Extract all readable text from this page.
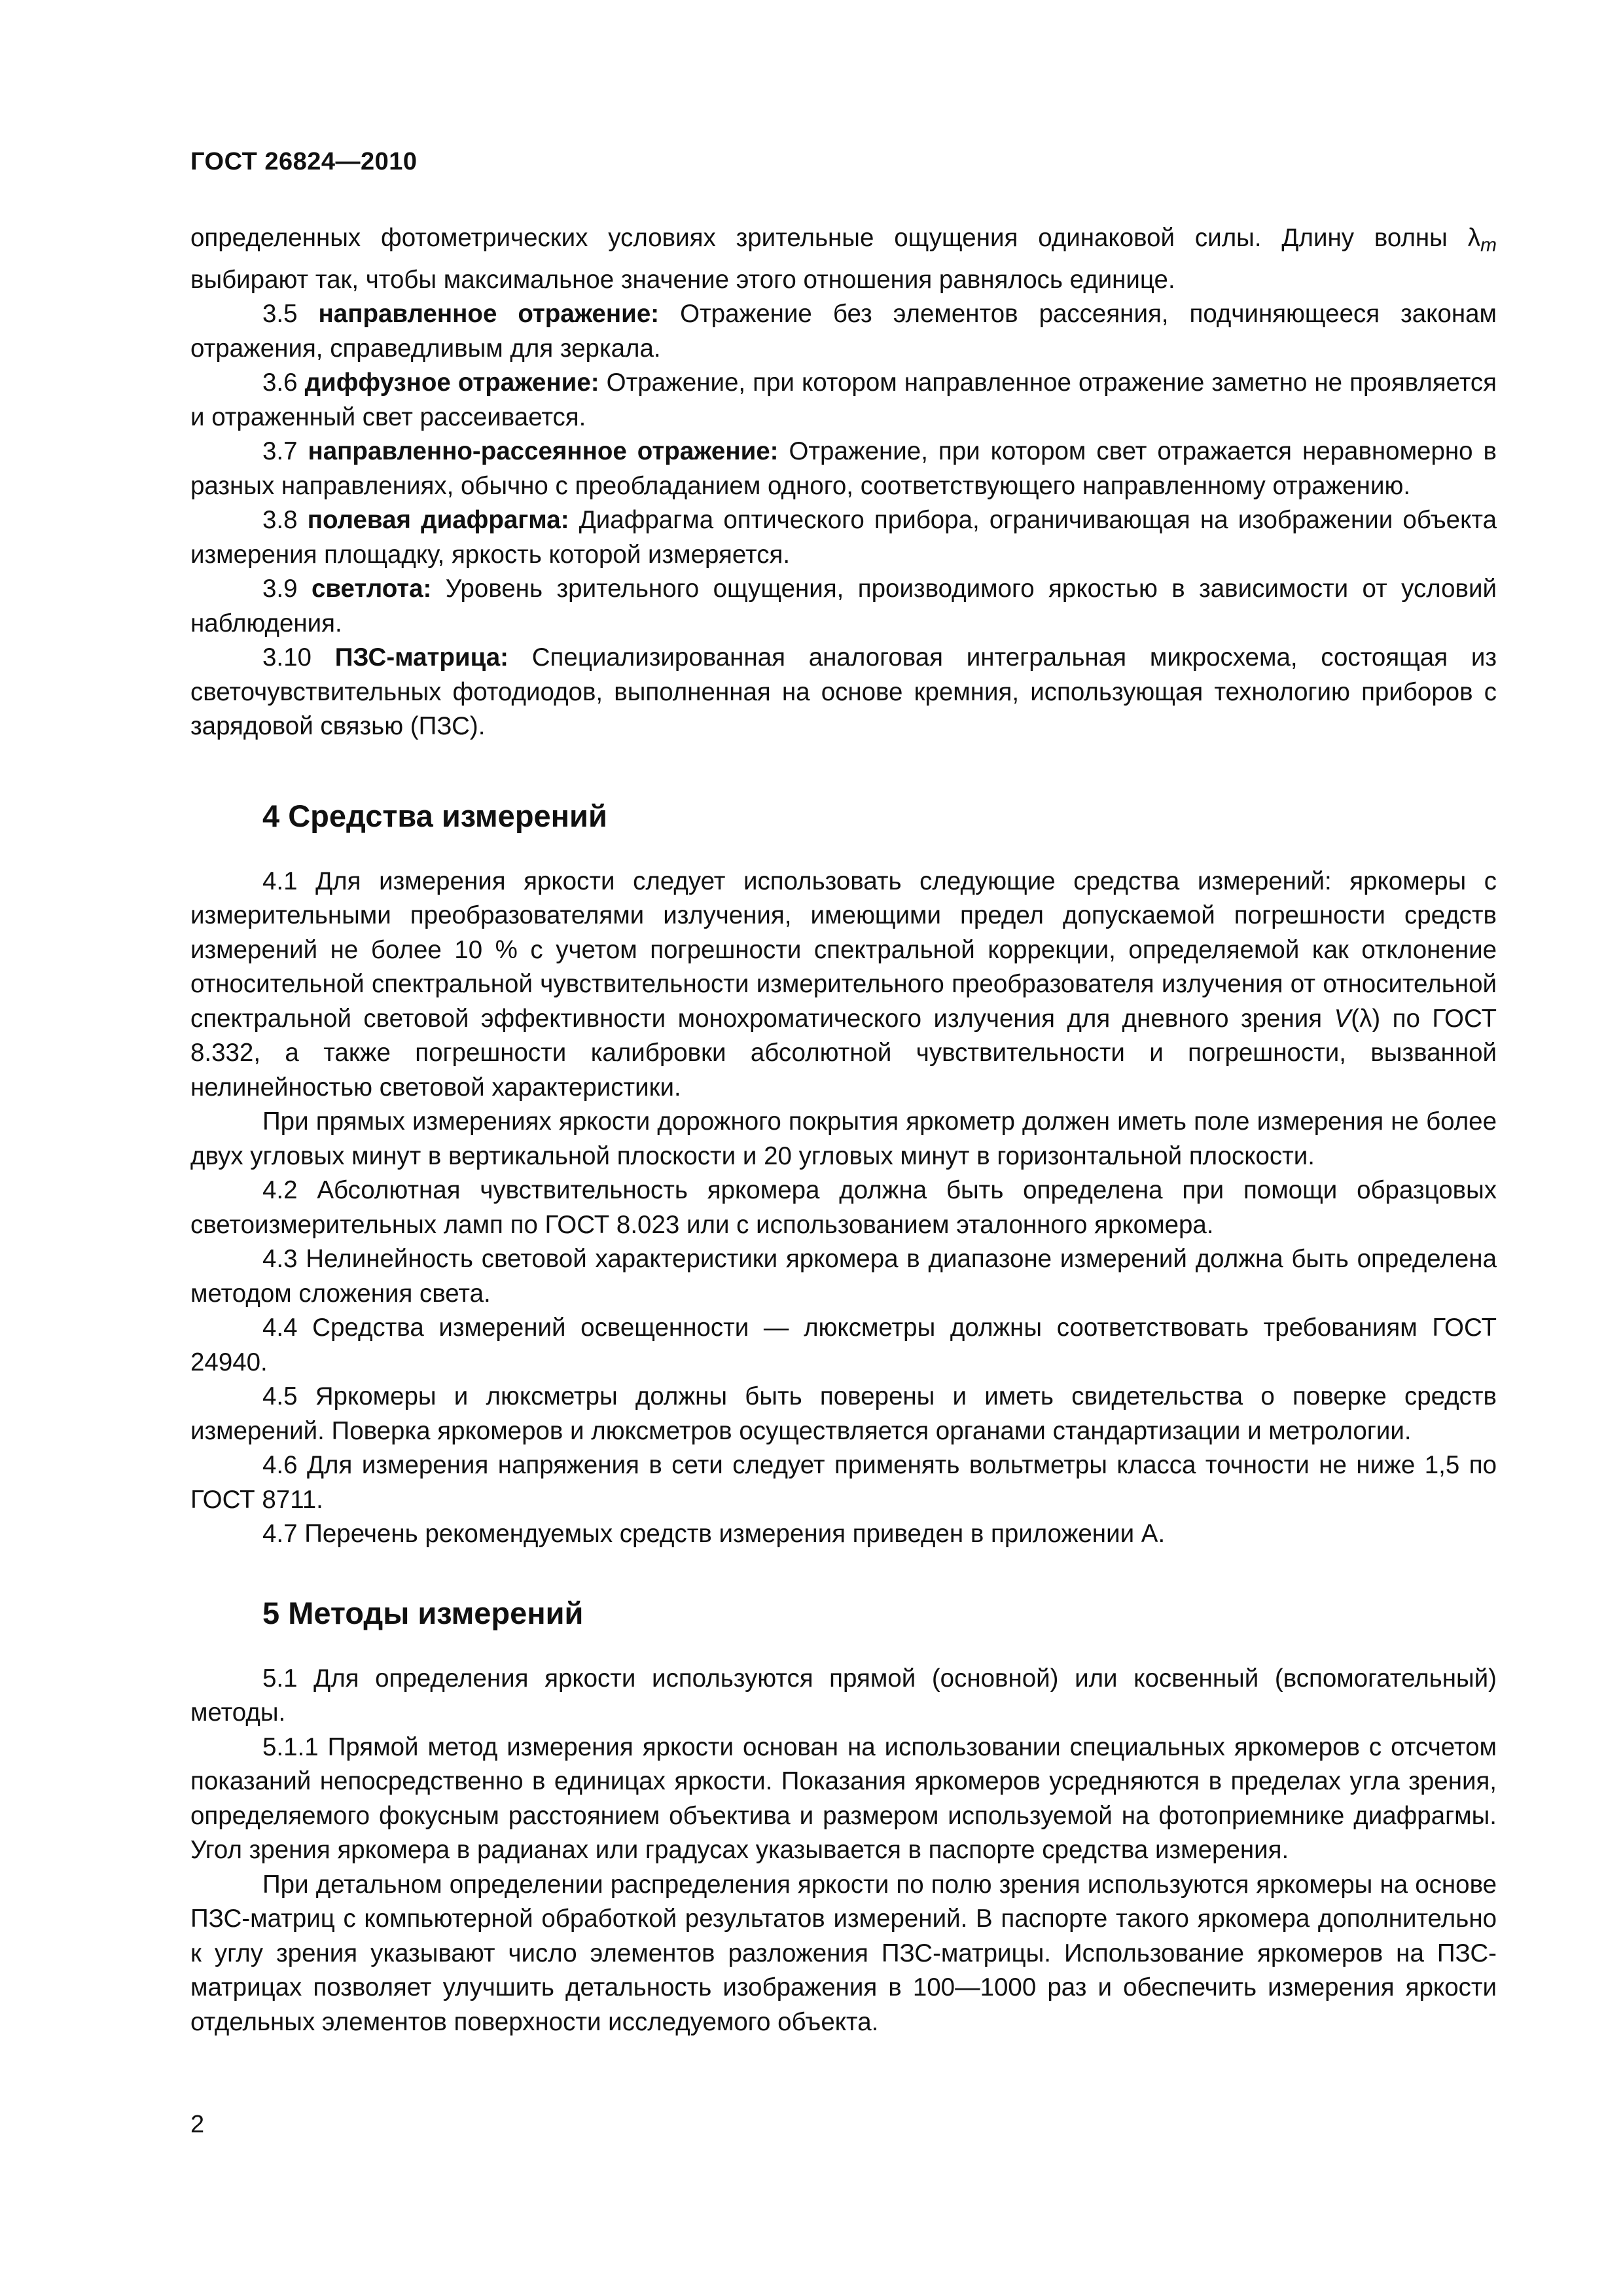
ГОСТ 26824—2010

определенных фотометрических условиях зрительные ощущения одинаковой силы. Длину волны $\lambda_m$ выбирают так, чтобы максимальное значение этого отношения равнялось единице.

3.5 направленное отражение: Отражение без элементов рассеяния, подчиняющееся законам отражения, справедливым для зеркала.

3.6 диффузное отражение: Отражение, при котором направленное отражение заметно не проявляется и отраженный свет рассеивается.

3.7 направленно-рассеянное отражение: Отражение, при котором свет отражается неравномерно в разных направлениях, обычно с преобладанием одного, соответствующего направленному отражению.

3.8 полевая диафрагма: Диафрагма оптического прибора, ограничивающая на изображении объекта измерения площадку, яркость которой измеряется.

3.9 светлота: Уровень зрительного ощущения, производимого яркостью в зависимости от условий наблюдения.

3.10 ПЗС-матрица: Специализированная аналоговая интегральная микросхема, состоящая из светочувствительных фотодиодов, выполненная на основе кремния, использующая технологию приборов с зарядовой связью (ПЗС).

4 Средства измерений

4.1 Для измерения яркости следует использовать следующие средства измерений: яркомеры с измерительными преобразователями излучения, имеющими предел допускаемой погрешности средств измерений не более 10 % с учетом погрешности спектральной коррекции, определяемой как отклонение относительной спектральной чувствительности измерительного преобразователя излучения от относительной спектральной световой эффективности монохроматического излучения для дневного зрения V(λ) по ГОСТ 8.332, а также погрешности калибровки абсолютной чувствительности и погрешности, вызванной нелинейностью световой характеристики.

При прямых измерениях яркости дорожного покрытия яркометр должен иметь поле измерения не более двух угловых минут в вертикальной плоскости и 20 угловых минут в горизонтальной плоскости.

4.2 Абсолютная чувствительность яркомера должна быть определена при помощи образцовых светоизмерительных ламп по ГОСТ 8.023 или с использованием эталонного яркомера.

4.3 Нелинейность световой характеристики яркомера в диапазоне измерений должна быть определена методом сложения света.

4.4 Средства измерений освещенности — люксметры должны соответствовать требованиям ГОСТ 24940.

4.5 Яркомеры и люксметры должны быть поверены и иметь свидетельства о поверке средств измерений. Поверка яркомеров и люксметров осуществляется органами стандартизации и метрологии.

4.6 Для измерения напряжения в сети следует применять вольтметры класса точности не ниже 1,5 по ГОСТ 8711.

4.7 Перечень рекомендуемых средств измерения приведен в приложении А.

5 Методы измерений

5.1 Для определения яркости используются прямой (основной) или косвенный (вспомогательный) методы.

5.1.1 Прямой метод измерения яркости основан на использовании специальных яркомеров с отсчетом показаний непосредственно в единицах яркости. Показания яркомеров усредняются в пределах угла зрения, определяемого фокусным расстоянием объектива и размером используемой на фотоприемнике диафрагмы. Угол зрения яркомера в радианах или градусах указывается в паспорте средства измерения.

При детальном определении распределения яркости по полю зрения используются яркомеры на основе ПЗС-матриц с компьютерной обработкой результатов измерений. В паспорте такого яркомера дополнительно к углу зрения указывают число элементов разложения ПЗС-матрицы. Использование яркомеров на ПЗС-матрицах позволяет улучшить детальность изображения в 100—1000 раз и обеспечить измерения яркости отдельных элементов поверхности исследуемого объекта.

2
